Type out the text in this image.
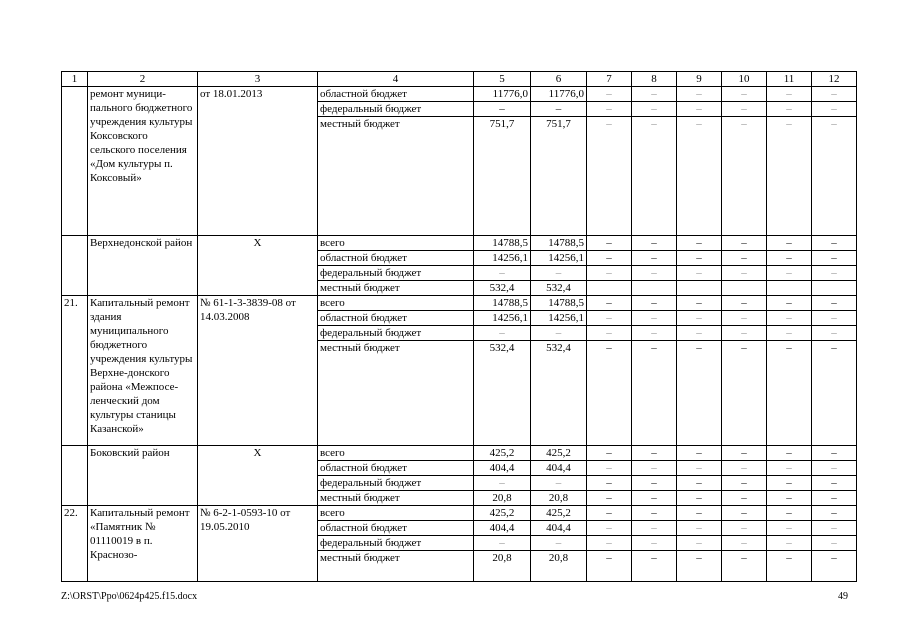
1	2	3	4	5	6	7	8	9	10	11	12
	ремонт муници-пального бюджетного учреждения культуры Коксовского сельского поселения «Дом культуры п. Коксовый»	от 18.01.2013	областной бюджет	11776,0	11776,0	–	–	–	–	–	–
			федеральный бюджет	–	–	–	–	–	–	–	–
			местный бюджет	751,7	751,7	–	–	–	–	–	–
	Верхнедонской район	Х	всего	14788,5	14788,5	–	–	–	–	–	–
			областной бюджет	14256,1	14256,1	–	–	–	–	–	–
			федеральный бюджет	–	–	–	–	–	–	–	–
			местный бюджет	532,4	532,4						
21.	Капитальный ремонт здания муниципального бюджетного учреждения культуры Верхне-донского района «Межпосе-ленческий дом культуры станицы Казанской»	№ 61-1-3-3839-08 от 14.03.2008	всего	14788,5	14788,5	–	–	–	–	–	–
			областной бюджет	14256,1	14256,1	–	–	–	–	–	–
			федеральный бюджет	–	–	–	–	–	–	–	–
			местный бюджет	532,4	532,4	–	–	–	–	–	–
	Боковский район	Х	всего	425,2	425,2	–	–	–	–	–	–
			областной бюджет	404,4	404,4	–	–	–	–	–	–
			федеральный бюджет	–	–	–	–	–	–	–	–
			местный бюджет	20,8	20,8	–	–	–	–	–	–
22.	Капитальный ремонт «Памятник № 01110019 в п. Краснозо-	№ 6-2-1-0593-10 от 19.05.2010	всего	425,2	425,2	–	–	–	–	–	–
			областной бюджет	404,4	404,4	–	–	–	–	–	–
			федеральный бюджет	–	–	–	–	–	–	–	–
			местный бюджет	20,8	20,8	–	–	–	–	–	–
Z:\ORST\Ppo\0624p425.f15.docx	49
